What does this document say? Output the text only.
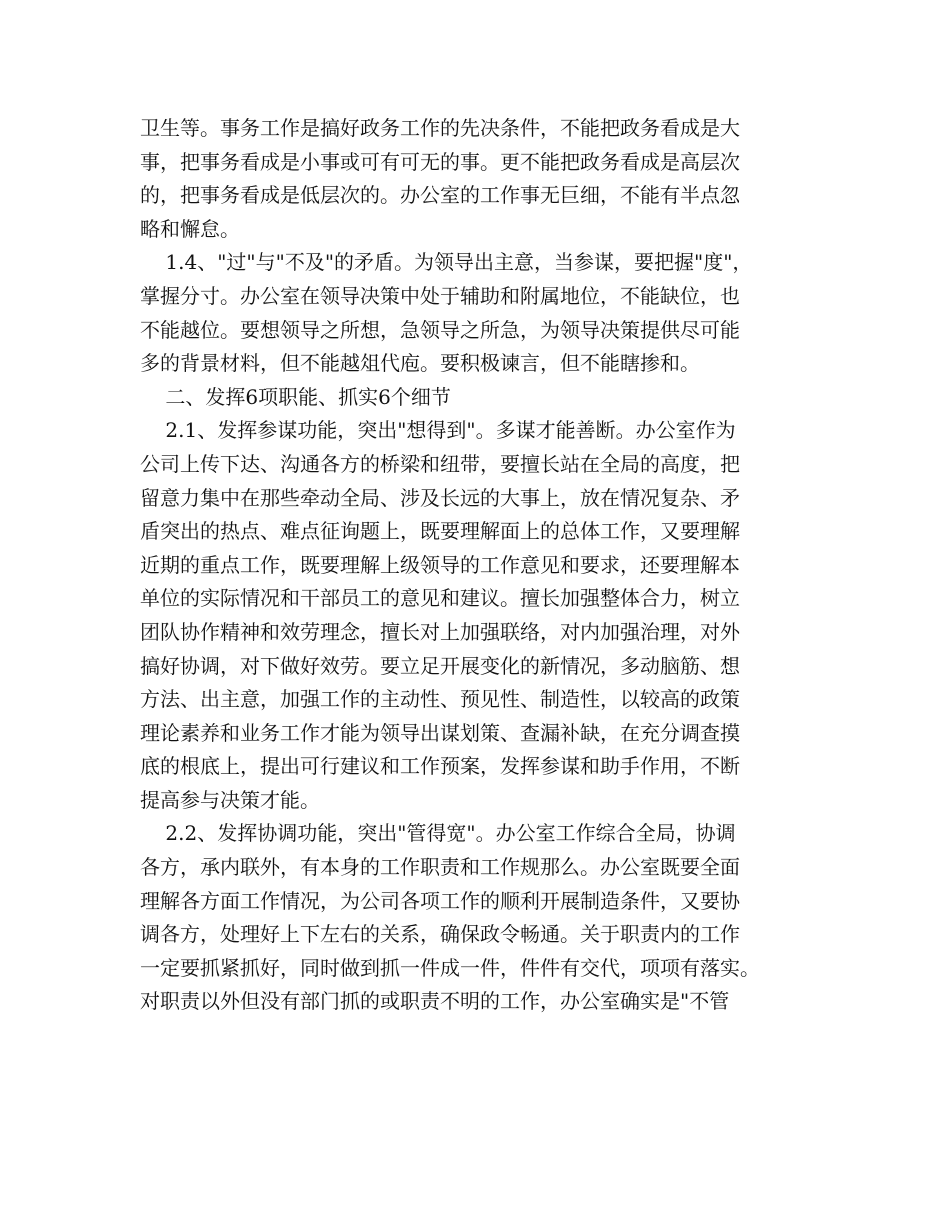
卫生等。事务工作是搞好政务工作的先决条件，不能把政务看成是大
事，把事务看成是小事或可有可无的事。更不能把政务看成是高层次
的，把事务看成是低层次的。办公室的工作事无巨细，不能有半点忽
略和懈怠。
1.4、"过"与"不及"的矛盾。为领导出主意，当参谋，要把握"度"，
掌握分寸。办公室在领导决策中处于辅助和附属地位，不能缺位，也
不能越位。要想领导之所想，急领导之所急，为领导决策提供尽可能
多的背景材料，但不能越俎代庖。要积极谏言，但不能瞎掺和。
二、发挥6项职能、抓实6个细节
2.1、发挥参谋功能，突出"想得到"。多谋才能善断。办公室作为
公司上传下达、沟通各方的桥梁和纽带，要擅长站在全局的高度，把
留意力集中在那些牵动全局、涉及长远的大事上，放在情况复杂、矛
盾突出的热点、难点征询题上，既要理解面上的总体工作，又要理解
近期的重点工作，既要理解上级领导的工作意见和要求，还要理解本
单位的实际情况和干部员工的意见和建议。擅长加强整体合力，树立
团队协作精神和效劳理念，擅长对上加强联络，对内加强治理，对外
搞好协调，对下做好效劳。要立足开展变化的新情况，多动脑筋、想
方法、出主意，加强工作的主动性、预见性、制造性，以较高的政策
理论素养和业务工作才能为领导出谋划策、查漏补缺，在充分调查摸
底的根底上，提出可行建议和工作预案，发挥参谋和助手作用，不断
提高参与决策才能。
2.2、发挥协调功能，突出"管得宽"。办公室工作综合全局，协调
各方，承内联外，有本身的工作职责和工作规那么。办公室既要全面
理解各方面工作情况，为公司各项工作的顺利开展制造条件，又要协
调各方，处理好上下左右的关系，确保政令畅通。关于职责内的工作
一定要抓紧抓好，同时做到抓一件成一件，件件有交代，项项有落实。
对职责以外但没有部门抓的或职责不明的工作，办公室确实是"不管
